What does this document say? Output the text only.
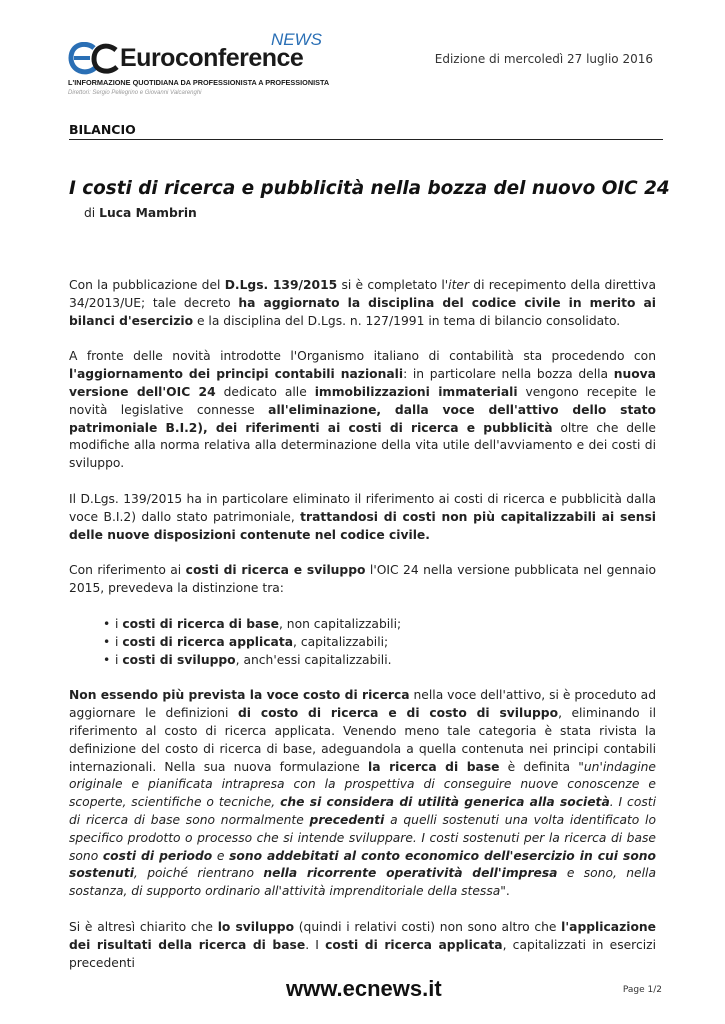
NEWS
Euroconference
L'INFORMAZIONE QUOTIDIANA DA PROFESSIONISTA A PROFESSIONISTA
Direttori: Sergio Pellegrino e Giovanni Valcarenghi
Edizione di mercoledì 27 luglio 2016
BILANCIO
I costi di ricerca e pubblicità nella bozza del nuovo OIC 24
di Luca Mambrin

Con la pubblicazione del D.Lgs. 139/2015 si è completato l'iter di recepimento della direttiva 34/2013/UE; tale decreto ha aggiornato la disciplina del codice civile in merito ai bilanci d'esercizio e la disciplina del D.Lgs. n. 127/1991 in tema di bilancio consolidato.

A fronte delle novità introdotte l'Organismo italiano di contabilità sta procedendo con l'aggiornamento dei principi contabili nazionali: in particolare nella bozza della nuova versione dell'OIC 24 dedicato alle immobilizzazioni immateriali vengono recepite le novità legislative connesse all'eliminazione, dalla voce dell'attivo dello stato patrimoniale B.I.2), dei riferimenti ai costi di ricerca e pubblicità oltre che delle modifiche alla norma relativa alla determinazione della vita utile dell'avviamento e dei costi di sviluppo.

Il D.Lgs. 139/2015 ha in particolare eliminato il riferimento ai costi di ricerca e pubblicità dalla voce B.I.2) dallo stato patrimoniale, trattandosi di costi non più capitalizzabili ai sensi delle nuove disposizioni contenute nel codice civile.

Con riferimento ai costi di ricerca e sviluppo l'OIC 24 nella versione pubblicata nel gennaio 2015, prevedeva la distinzione tra:

• i costi di ricerca di base, non capitalizzabili;
• i costi di ricerca applicata, capitalizzabili;
• i costi di sviluppo, anch'essi capitalizzabili.

Non essendo più prevista la voce costo di ricerca nella voce dell'attivo, si è proceduto ad aggiornare le definizioni di costo di ricerca e di costo di sviluppo, eliminando il riferimento al costo di ricerca applicata. Venendo meno tale categoria è stata rivista la definizione del costo di ricerca di base, adeguandola a quella contenuta nei principi contabili internazionali. Nella sua nuova formulazione la ricerca di base è definita "un'indagine originale e pianificata intrapresa con la prospettiva di conseguire nuove conoscenze e scoperte, scientifiche o tecniche, che si considera di utilità generica alla società. I costi di ricerca di base sono normalmente precedenti a quelli sostenuti una volta identificato lo specifico prodotto o processo che si intende sviluppare. I costi sostenuti per la ricerca di base sono costi di periodo e sono addebitati al conto economico dell'esercizio in cui sono sostenuti, poiché rientrano nella ricorrente operatività dell'impresa e sono, nella sostanza, di supporto ordinario all'attività imprenditoriale della stessa".

Si è altresì chiarito che lo sviluppo (quindi i relativi costi) non sono altro che l'applicazione dei risultati della ricerca di base. I costi di ricerca applicata, capitalizzati in esercizi precedenti

www.ecnews.it	Page 1/2
